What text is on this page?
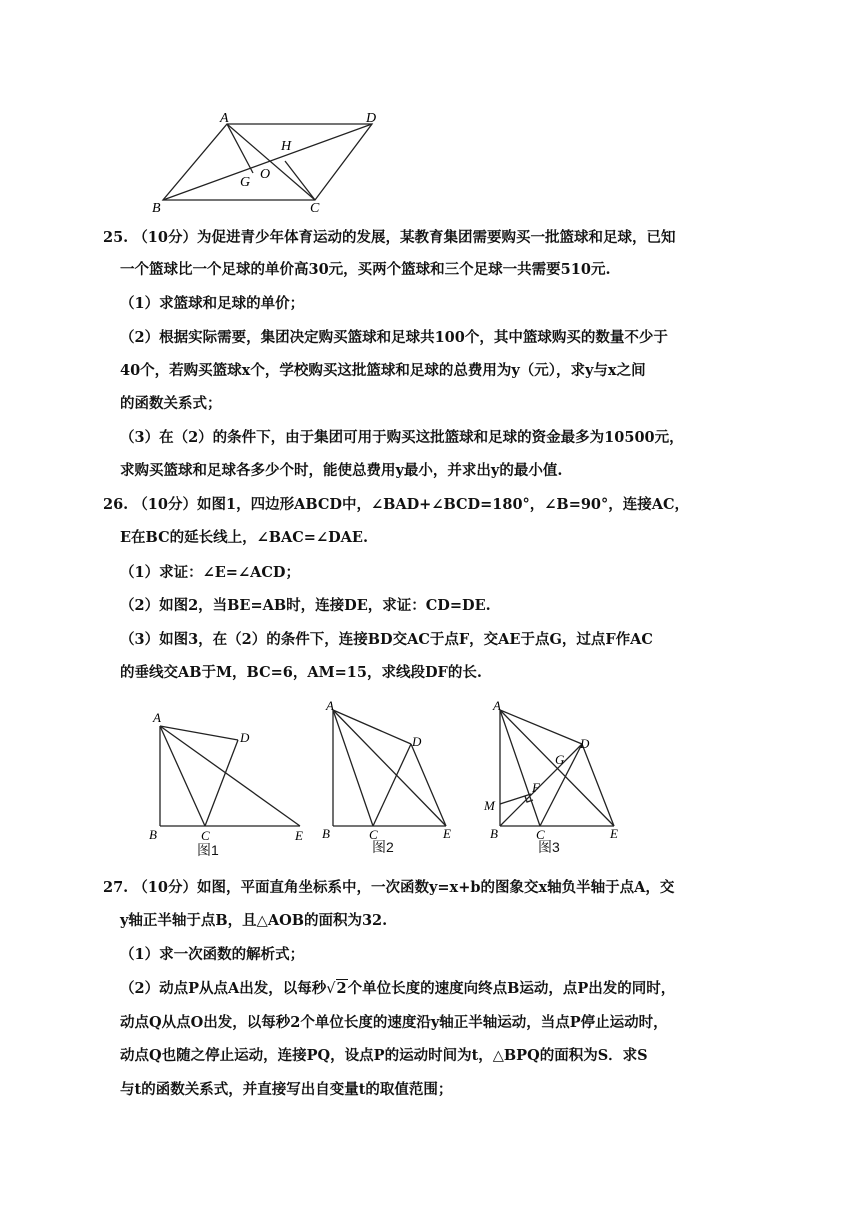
A	D
H
G
O
B	C
25. （10分）为促进青少年体育运动的发展，某教育集团需要购买一批篮球和足球，已知
一个篮球比一个足球的单价高30元，买两个篮球和三个足球一共需要510元.
（1）求篮球和足球的单价；
（2）根据实际需要，集团决定购买篮球和足球共100个，其中篮球购买的数量不少于
40个，若购买篮球x个，学校购买这批篮球和足球的总费用为y（元），求y与x之间
的函数关系式；
（3）在（2）的条件下，由于集团可用于购买这批篮球和足球的资金最多为10500元，
求购买篮球和足球各多少个时，能使总费用y最小，并求出y的最小值.
26. （10分）如图1，四边形ABCD中，∠BAD+∠BCD=180°，∠B=90°，连接AC，
E在BC的延长线上，∠BAC=∠DAE.
（1）求证：∠E=∠ACD；
（2）如图2，当BE=AB时，连接DE，求证：CD=DE.
（3）如图3，在（2）的条件下，连接BD交AC于点F，交AE于点G，过点F作AC
的垂线交AB于M，BC=6，AM=15，求线段DF的长.
A
D
B	C	E
图1
A
D
B	C	E
图2
A
D
G
F
M
B	C	E
图3
27. （10分）如图，平面直角坐标系中，一次函数y=x+b的图象交x轴负半轴于点A，交
y轴正半轴于点B，且△AOB的面积为32.
（1）求一次函数的解析式；
（2）动点P从点A出发，以每秒√2个单位长度的速度向终点B运动，点P出发的同时，
动点Q从点O出发，以每秒2个单位长度的速度沿y轴正半轴运动，当点P停止运动时，
动点Q也随之停止运动，连接PQ，设点P的运动时间为t，△BPQ的面积为S．求S
与t的函数关系式，并直接写出自变量t的取值范围；
